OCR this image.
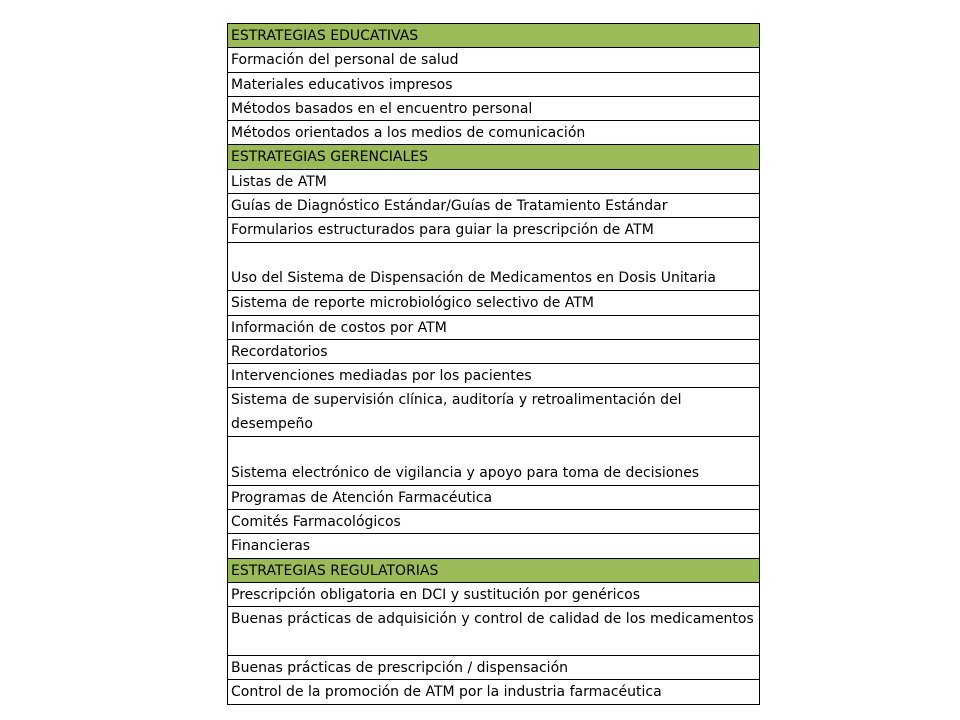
ESTRATEGIAS EDUCATIVAS
Formación del personal de salud
Materiales educativos impresos
Métodos basados en el encuentro personal
Métodos orientados a los medios de comunicación
ESTRATEGIAS GERENCIALES
Listas de ATM
Guías de Diagnóstico Estándar/Guías de Tratamiento Estándar
Formularios estructurados para guiar la prescripción de ATM
Uso del Sistema de Dispensación de Medicamentos en Dosis Unitaria
Sistema de reporte microbiológico selectivo de ATM
Información de costos por ATM
Recordatorios
Intervenciones mediadas por los pacientes
Sistema de supervisión clínica, auditoría y retroalimentación del desempeño
Sistema electrónico de vigilancia y apoyo para toma de decisiones
Programas de Atención Farmacéutica
Comités Farmacológicos
Financieras
ESTRATEGIAS REGULATORIAS
Prescripción obligatoria en DCI y sustitución por genéricos
Buenas prácticas de adquisición y control de calidad de los medicamentos
Buenas prácticas de prescripción / dispensación
Control de la promoción de ATM por la industria farmacéutica
